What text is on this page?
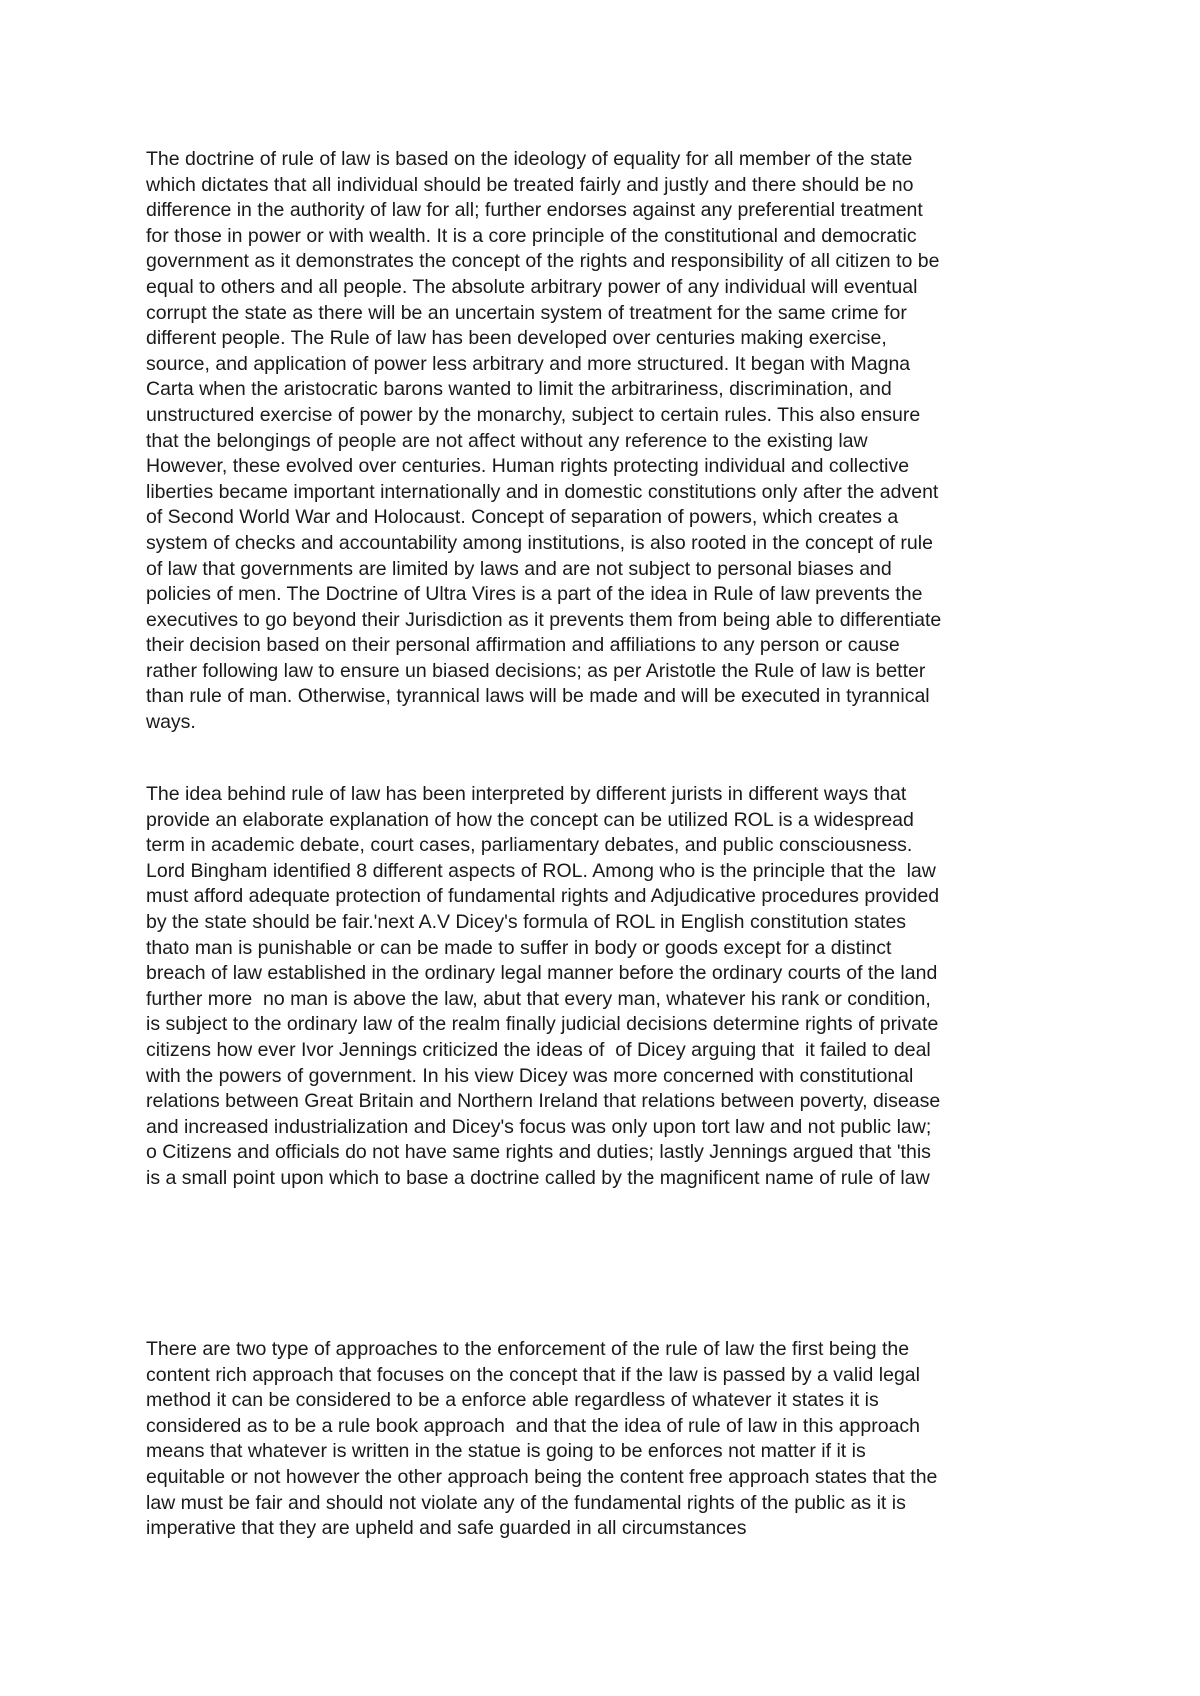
The doctrine of rule of law is based on the ideology of equality for all member of the state
which dictates that all individual should be treated fairly and justly and there should be no
difference in the authority of law for all; further endorses against any preferential treatment
for those in power or with wealth. It is a core principle of the constitutional and democratic
government as it demonstrates the concept of the rights and responsibility of all citizen to be
equal to others and all people. The absolute arbitrary power of any individual will eventual
corrupt the state as there will be an uncertain system of treatment for the same crime for
different people. The Rule of law has been developed over centuries making exercise,
source, and application of power less arbitrary and more structured. It began with Magna
Carta when the aristocratic barons wanted to limit the arbitrariness, discrimination, and
unstructured exercise of power by the monarchy, subject to certain rules. This also ensure
that the belongings of people are not affect without any reference to the existing law
However, these evolved over centuries. Human rights protecting individual and collective
liberties became important internationally and in domestic constitutions only after the advent
of Second World War and Holocaust. Concept of separation of powers, which creates a
system of checks and accountability among institutions, is also rooted in the concept of rule
of law that governments are limited by laws and are not subject to personal biases and
policies of men. The Doctrine of Ultra Vires is a part of the idea in Rule of law prevents the
executives to go beyond their Jurisdiction as it prevents them from being able to differentiate
their decision based on their personal affirmation and affiliations to any person or cause
rather following law to ensure un biased decisions; as per Aristotle the Rule of law is better
than rule of man. Otherwise, tyrannical laws will be made and will be executed in tyrannical
ways.

The idea behind rule of law has been interpreted by different jurists in different ways that
provide an elaborate explanation of how the concept can be utilized ROL is a widespread
term in academic debate, court cases, parliamentary debates, and public consciousness.
Lord Bingham identified 8 different aspects of ROL. Among who is the principle that the  law
must afford adequate protection of fundamental rights and Adjudicative procedures provided
by the state should be fair.'next A.V Dicey's formula of ROL in English constitution states
thato man is punishable or can be made to suffer in body or goods except for a distinct
breach of law established in the ordinary legal manner before the ordinary courts of the land
further more  no man is above the law, abut that every man, whatever his rank or condition,
is subject to the ordinary law of the realm finally judicial decisions determine rights of private
citizens how ever Ivor Jennings criticized the ideas of  of Dicey arguing that  it failed to deal
with the powers of government. In his view Dicey was more concerned with constitutional
relations between Great Britain and Northern Ireland that relations between poverty, disease
and increased industrialization and Dicey's focus was only upon tort law and not public law;
o Citizens and officials do not have same rights and duties; lastly Jennings argued that 'this
is a small point upon which to base a doctrine called by the magnificent name of rule of law

There are two type of approaches to the enforcement of the rule of law the first being the
content rich approach that focuses on the concept that if the law is passed by a valid legal
method it can be considered to be a enforce able regardless of whatever it states it is
considered as to be a rule book approach  and that the idea of rule of law in this approach
means that whatever is written in the statue is going to be enforces not matter if it is
equitable or not however the other approach being the content free approach states that the
law must be fair and should not violate any of the fundamental rights of the public as it is
imperative that they are upheld and safe guarded in all circumstances
